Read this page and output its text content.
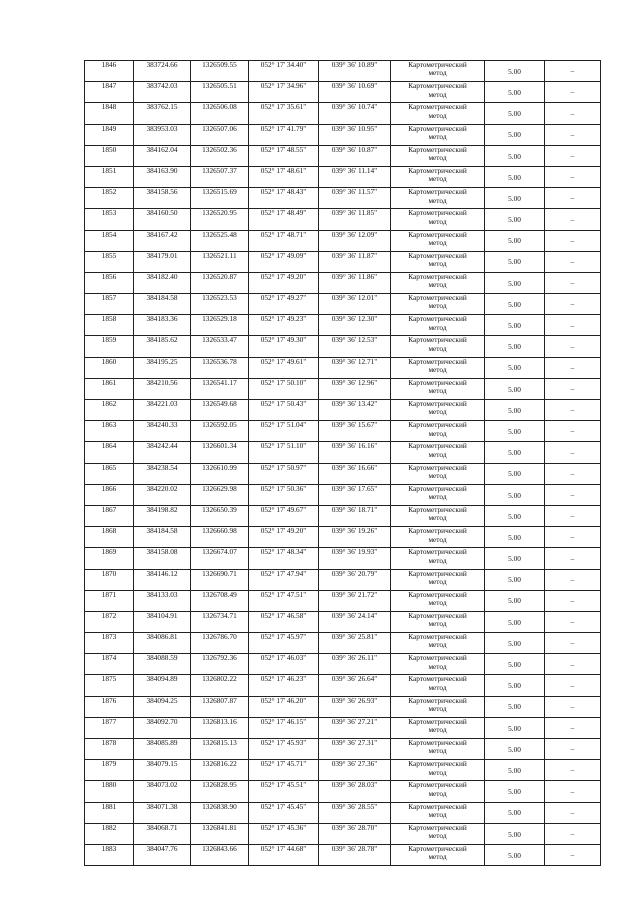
1846	383724.66	1326509.55	052° 17' 34.40"	039° 36' 10.89"	Картометрический
метод	5.00	–
1847	383742.03	1326505.51	052° 17' 34.96"	039° 36' 10.69"	Картометрический
метод	5.00	–
1848	383762.15	1326506.08	052° 17' 35.61"	039° 36' 10.74"	Картометрический
метод	5.00	–
1849	383953.03	1326507.06	052° 17' 41.79"	039° 36' 10.95"	Картометрический
метод	5.00	–
1850	384162.04	1326502.36	052° 17' 48.55"	039° 36' 10.87"	Картометрический
метод	5.00	–
1851	384163.90	1326507.37	052° 17' 48.61"	039° 36' 11.14"	Картометрический
метод	5.00	–
1852	384158.56	1326515.69	052° 17' 48.43"	039° 36' 11.57"	Картометрический
метод	5.00	–
1853	384160.50	1326520.95	052° 17' 48.49"	039° 36' 11.85"	Картометрический
метод	5.00	–
1854	384167.42	1326525.48	052° 17' 48.71"	039° 36' 12.09"	Картометрический
метод	5.00	–
1855	384179.01	1326521.11	052° 17' 49.09"	039° 36' 11.87"	Картометрический
метод	5.00	–
1856	384182.40	1326520.87	052° 17' 49.20"	039° 36' 11.86"	Картометрический
метод	5.00	–
1857	384184.58	1326523.53	052° 17' 49.27"	039° 36' 12.01"	Картометрический
метод	5.00	–
1858	384183.36	1326529.18	052° 17' 49.23"	039° 36' 12.30"	Картометрический
метод	5.00	–
1859	384185.62	1326533.47	052° 17' 49.30"	039° 36' 12.53"	Картометрический
метод	5.00	–
1860	384195.25	1326536.78	052° 17' 49.61"	039° 36' 12.71"	Картометрический
метод	5.00	–
1861	384210.56	1326541.17	052° 17' 50.10"	039° 36' 12.96"	Картометрический
метод	5.00	–
1862	384221.03	1326549.68	052° 17' 50.43"	039° 36' 13.42"	Картометрический
метод	5.00	–
1863	384240.33	1326592.05	052° 17' 51.04"	039° 36' 15.67"	Картометрический
метод	5.00	–
1864	384242.44	1326601.34	052° 17' 51.10"	039° 36' 16.16"	Картометрический
метод	5.00	–
1865	384238.54	1326610.99	052° 17' 50.97"	039° 36' 16.66"	Картометрический
метод	5.00	–
1866	384220.02	1326629.98	052° 17' 50.36"	039° 36' 17.65"	Картометрический
метод	5.00	–
1867	384198.82	1326650.39	052° 17' 49.67"	039° 36' 18.71"	Картометрический
метод	5.00	–
1868	384184.58	1326660.98	052° 17' 49.20"	039° 36' 19.26"	Картометрический
метод	5.00	–
1869	384158.08	1326674.07	052° 17' 48.34"	039° 36' 19.93"	Картометрический
метод	5.00	–
1870	384146.12	1326690.71	052° 17' 47.94"	039° 36' 20.79"	Картометрический
метод	5.00	–
1871	384133.03	1326708.49	052° 17' 47.51"	039° 36' 21.72"	Картометрический
метод	5.00	–
1872	384104.91	1326734.71	052° 17' 46.58"	039° 36' 24.14"	Картометрический
метод	5.00	–
1873	384086.81	1326786.70	052° 17' 45.97"	039° 36' 25.81"	Картометрический
метод	5.00	–
1874	384088.59	1326792.36	052° 17' 46.03"	039° 36' 26.11"	Картометрический
метод	5.00	–
1875	384094.89	1326802.22	052° 17' 46.23"	039° 36' 26.64"	Картометрический
метод	5.00	–
1876	384094.25	1326807.87	052° 17' 46.20"	039° 36' 26.93"	Картометрический
метод	5.00	–
1877	384092.70	1326813.16	052° 17' 46.15"	039° 36' 27.21"	Картометрический
метод	5.00	–
1878	384085.89	1326815.13	052° 17' 45.93"	039° 36' 27.31"	Картометрический
метод	5.00	–
1879	384079.15	1326816.22	052° 17' 45.71"	039° 36' 27.36"	Картометрический
метод	5.00	–
1880	384073.02	1326828.95	052° 17' 45.51"	039° 36' 28.03"	Картометрический
метод	5.00	–
1881	384071.38	1326838.90	052° 17' 45.45"	039° 36' 28.55"	Картометрический
метод	5.00	–
1882	384068.71	1326841.81	052° 17' 45.36"	039° 36' 28.70"	Картометрический
метод	5.00	–
1883	384047.76	1326843.66	052° 17' 44.68"	039° 36' 28.78"	Картометрический
метод	5.00	–
